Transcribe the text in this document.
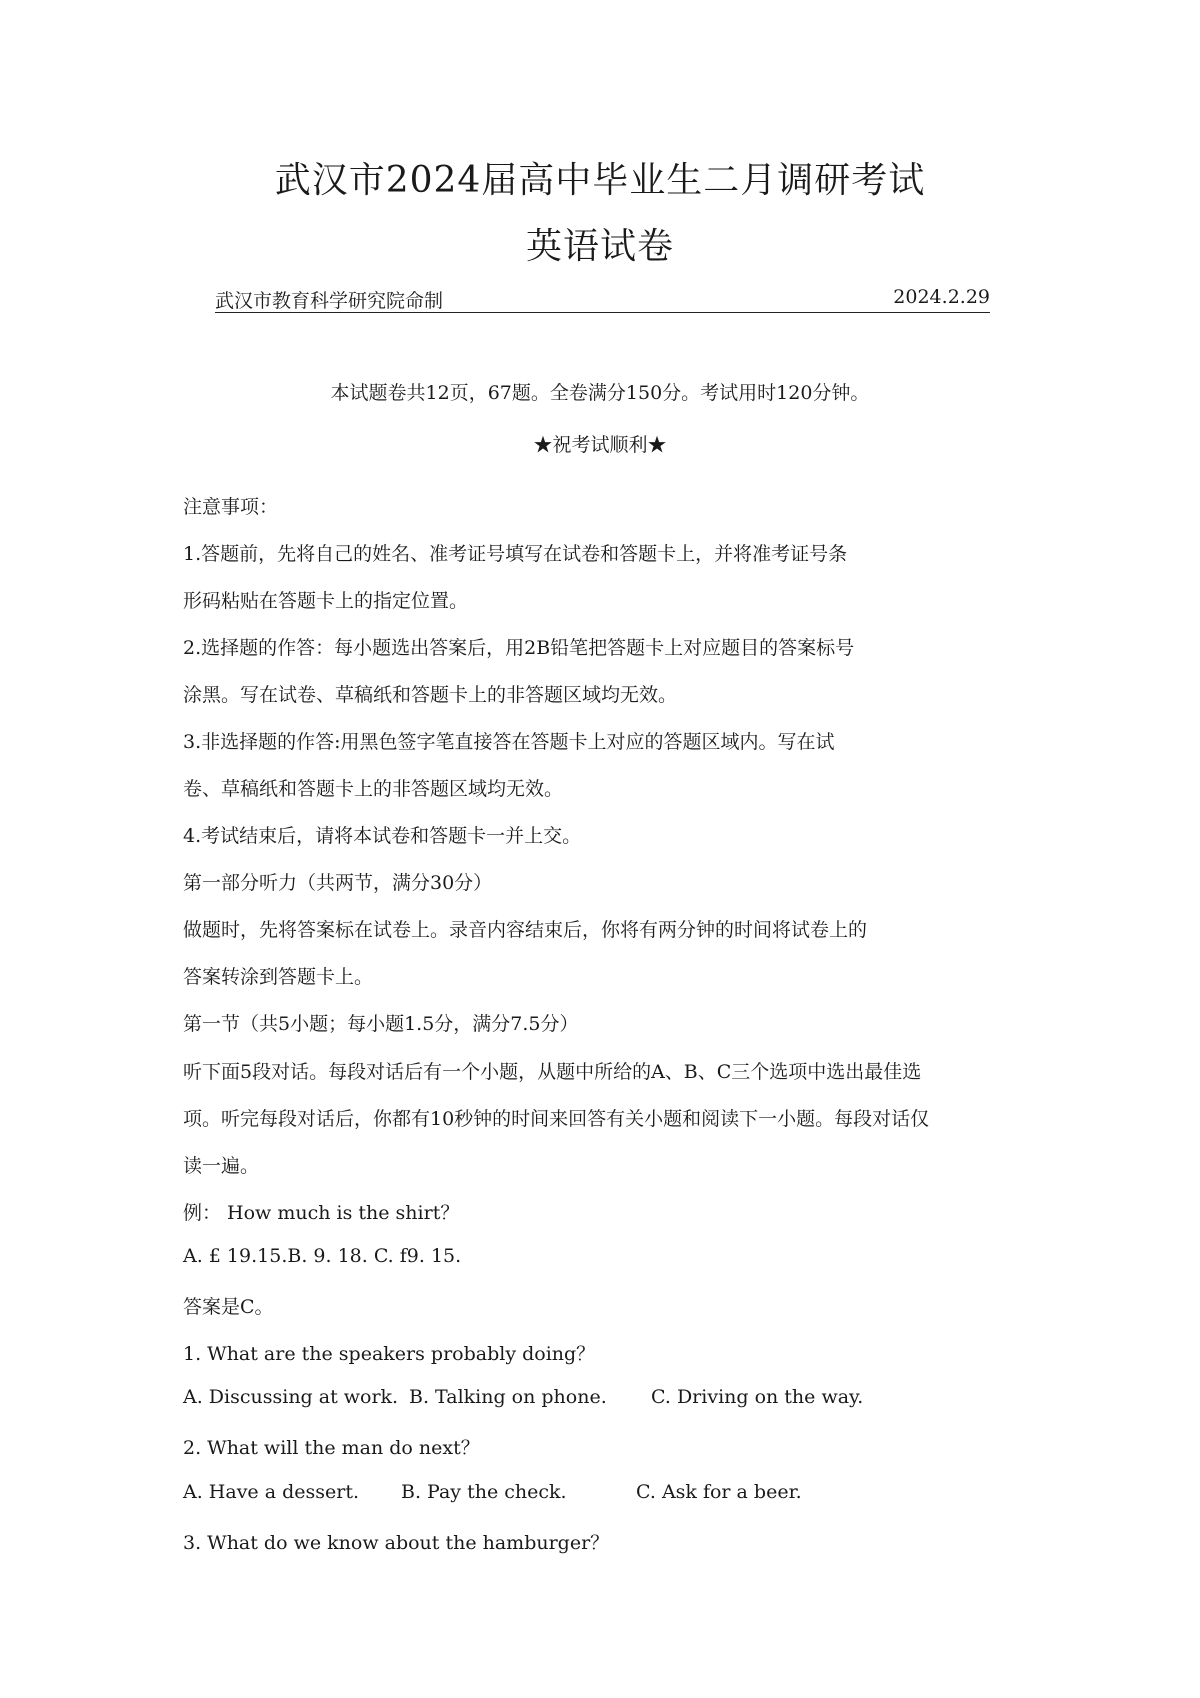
武汉市2024届高中毕业生二月调研考试
英语试卷
武汉市教育科学研究院命制	2024.2.29
本试题卷共12页，67题。全卷满分150分。考试用时120分钟。
★祝考试顺利★
注意事项：
1.答题前，先将自己的姓名、准考证号填写在试卷和答题卡上，并将准考证号条
形码粘贴在答题卡上的指定位置。
2.选择题的作答：每小题选出答案后，用2B铅笔把答题卡上对应题目的答案标号
涂黑。写在试卷、草稿纸和答题卡上的非答题区域均无效。
3.非选择题的作答:用黑色签字笔直接答在答题卡上对应的答题区域内。写在试
卷、草稿纸和答题卡上的非答题区域均无效。
4.考试结束后，请将本试卷和答题卡一并上交。
第一部分听力（共两节，满分30分）
做题时，先将答案标在试卷上。录音内容结束后，你将有两分钟的时间将试卷上的
答案转涂到答题卡上。
第一节（共5小题；每小题1.5分，满分7.5分）
听下面5段对话。每段对话后有一个小题，从题中所给的A、B、C三个选项中选出最佳选
项。听完每段对话后，你都有10秒钟的时间来回答有关小题和阅读下一小题。每段对话仅
读一遍。
例： How much is the shirt？
A. £ 19.15.B. 9. 18. C. f9. 15.
答案是C。
1. What are the speakers probably doing？
A. Discussing at work. B. Talking on phone. C. Driving on the way.
2. What will the man do next？
A. Have a dessert. B. Pay the check.	C. Ask for a beer.
3. What do we know about the hamburger？
